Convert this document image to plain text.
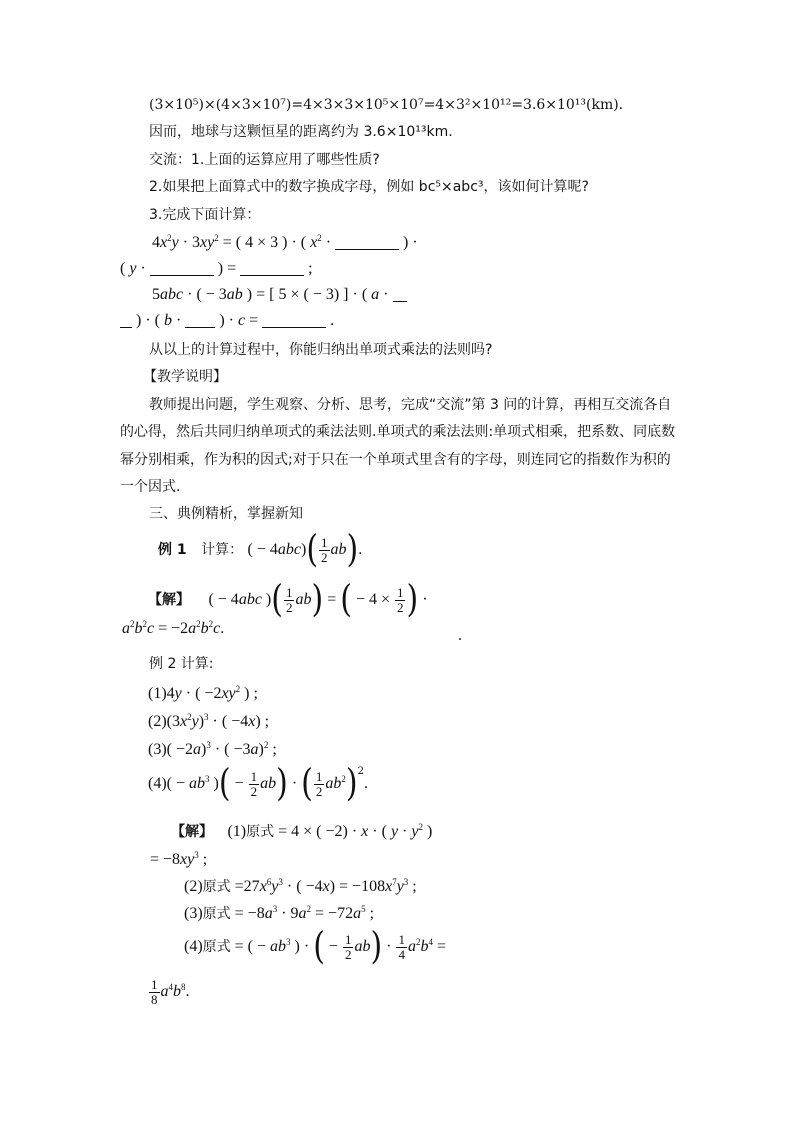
(3×10⁵)×(4×3×10⁷)=4×3×3×10⁵×10⁷=4×3²×10¹²=3.6×10¹³(km).
因而，地球与这颗恒星的距离约为 3.6×10¹³km.
交流：1.上面的运算应用了哪些性质?
2.如果把上面算式中的数字换成字母，例如 bc⁵×abc³，该如何计算呢?
3.完成下面计算：
$4x^2y \cdot 3xy^2$ = ( 4 × 3 ) · ( $x^2$ ·	) ·
( y ·	) =	;
5abc · ( − 3ab ) = [ 5 × ( − 3) ] · ( a ·
) · ( b ·  ) · c =	.
从以上的计算过程中，你能归纳出单项式乘法的法则吗?
【教学说明】
教师提出问题，学生观察、分析、思考，完成“交流”第 3 问的计算，再相互交流各自
的心得，然后共同归纳单项式的乘法法则.单项式的乘法法则:单项式相乘，把系数、同底数
幂分别相乘，作为积的因式;对于只在一个单项式里含有的字母，则连同它的指数作为积的
一个因式.
三、典例精析，掌握新知
例 1 计算： ( − $4abc)( \frac{1}{2} ab)$.
【解】 ( − 4abc )( $\frac{1}{2} ab$) = ( − $4 \times \frac{1}{2}$ ) ·
$a^2b^2c = -2a^2b^2c$.	.
例 2 计算:
(1)4y · ( $-2xy^2$ ) ;
$(2)(3x^2y)^3$ · ( −4x) ;
$(3)( -2a)^3$ · ( −3a)$^2$ ;
$(4)( - ab^3$ )( − $\frac{1}{2} ab$) · ( $\frac{1}{2} ab^2)^2$.
【解】 (1)原式 = 4 × ( −2) · x · ( $y \cdot y^2$ )
= $-8xy^3$ ;
(2)原式 $=27x^6y^3$ · ( $-4x) = -108x^7y^3$ ;
(3)原式 = $-8a^3 \cdot 9a^2 = -72a^5$ ;
(4)原式 = ( − $ab^3$ ) · ( − $\frac{1}{2} ab) \cdot \frac{1}{4} a^2b^4$ =
$\frac{1}{8} a^4b^8$.
